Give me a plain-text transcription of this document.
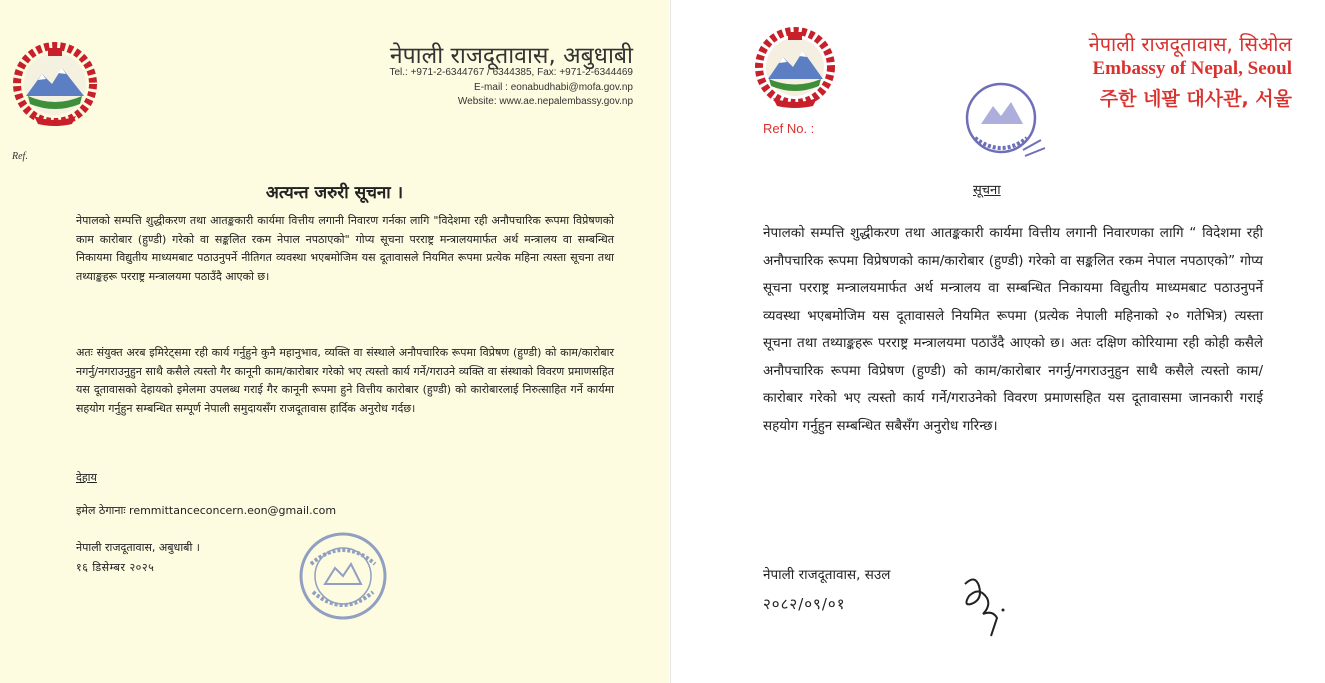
नेपाली राजदूतावास, अबुधाबी
Tel.: +971-2-6344767 / 6344385, Fax: +971-2-6344469
E-mail : eonabudhabi@mofa.gov.np
Website: www.ae.nepalembassy.gov.np
Ref.
अत्यन्त जरुरी सूचना ।
नेपालको सम्पत्ति शुद्धीकरण तथा आतङ्ककारी कार्यमा वित्तीय लगानी निवारण गर्नका लागि "विदेशमा रही अनौपचारिक रूपमा विप्रेषणको काम कारोबार (हुण्डी) गरेको वा सङ्कलित रकम नेपाल नपठाएको" गोप्य सूचना परराष्ट्र मन्त्रालयमार्फत अर्थ मन्त्रालय वा सम्बन्धित निकायमा विद्युतीय माध्यमबाट पठाउनुपर्ने नीतिगत व्यवस्था भएबमोजिम यस दूतावासले नियमित रूपमा प्रत्येक महिना त्यस्ता सूचना तथा तथ्याङ्कहरू परराष्ट्र मन्त्रालयमा पठाउँदै आएको छ।
अतः संयुक्त अरब इमिरेट्समा रही कार्य गर्नुहुने कुनै महानुभाव, व्यक्ति वा संस्थाले अनौपचारिक रूपमा विप्रेषण (हुण्डी) को काम/कारोबार नगर्नु/नगराउनुहुन साथै कसैले त्यस्तो गैर कानूनी काम/कारोबार गरेको भए त्यस्तो कार्य गर्ने/गराउने व्यक्ति वा संस्थाको विवरण प्रमाणसहित यस दूतावासको देहायको इमेलमा उपलब्ध गराई गैर कानूनी रूपमा हुने वित्तीय कारोबार (हुण्डी) को कारोबारलाई निरुत्साहित गर्ने कार्यमा सहयोग गर्नुहुन सम्बन्धित सम्पूर्ण नेपाली समुदायसँग राजदूतावास हार्दिक अनुरोध गर्दछ।
देहाय
इमेल ठेगानाः remmittanceconcern.eon@gmail.com
नेपाली राजदूतावास, अबुधाबी ।
१६ डिसेम्बर २०२५
नेपाली राजदूतावास, सिओल
Embassy of Nepal, Seoul
주한 네팔 대사관, 서울
Ref No. :
सूचना
नेपालको सम्पत्ति शुद्धीकरण तथा आतङ्ककारी कार्यमा वित्तीय लगानी निवारणका लागि “ विदेशमा रही अनौपचारिक रूपमा विप्रेषणको काम/कारोबार (हुण्डी) गरेको वा सङ्कलित रकम नेपाल नपठाएको” गोप्य सूचना परराष्ट्र मन्त्रालयमार्फत अर्थ मन्त्रालय वा सम्बन्धित निकायमा विद्युतीय माध्यमबाट पठाउनुपर्ने व्यवस्था भएबमोजिम यस दूतावासले नियमित रूपमा (प्रत्येक नेपाली महिनाको २० गतेभित्र) त्यस्ता सूचना तथा तथ्याङ्कहरू परराष्ट्र मन्त्रालयमा पठाउँदै आएको छ। अतः दक्षिण कोरियामा रही कोही कसैले अनौपचारिक रूपमा विप्रेषण (हुण्डी) को काम/कारोबार नगर्नु/नगराउनुहुन साथै कसैले त्यस्तो काम/कारोबार गरेको भए त्यस्तो कार्य गर्ने/गराउनेको विवरण प्रमाणसहित यस दूतावासमा जानकारी गराई सहयोग गर्नुहुन सम्बन्धित सबैसँग अनुरोध गरिन्छ।
नेपाली राजदूतावास, सउल
२०८२/०९/०१
